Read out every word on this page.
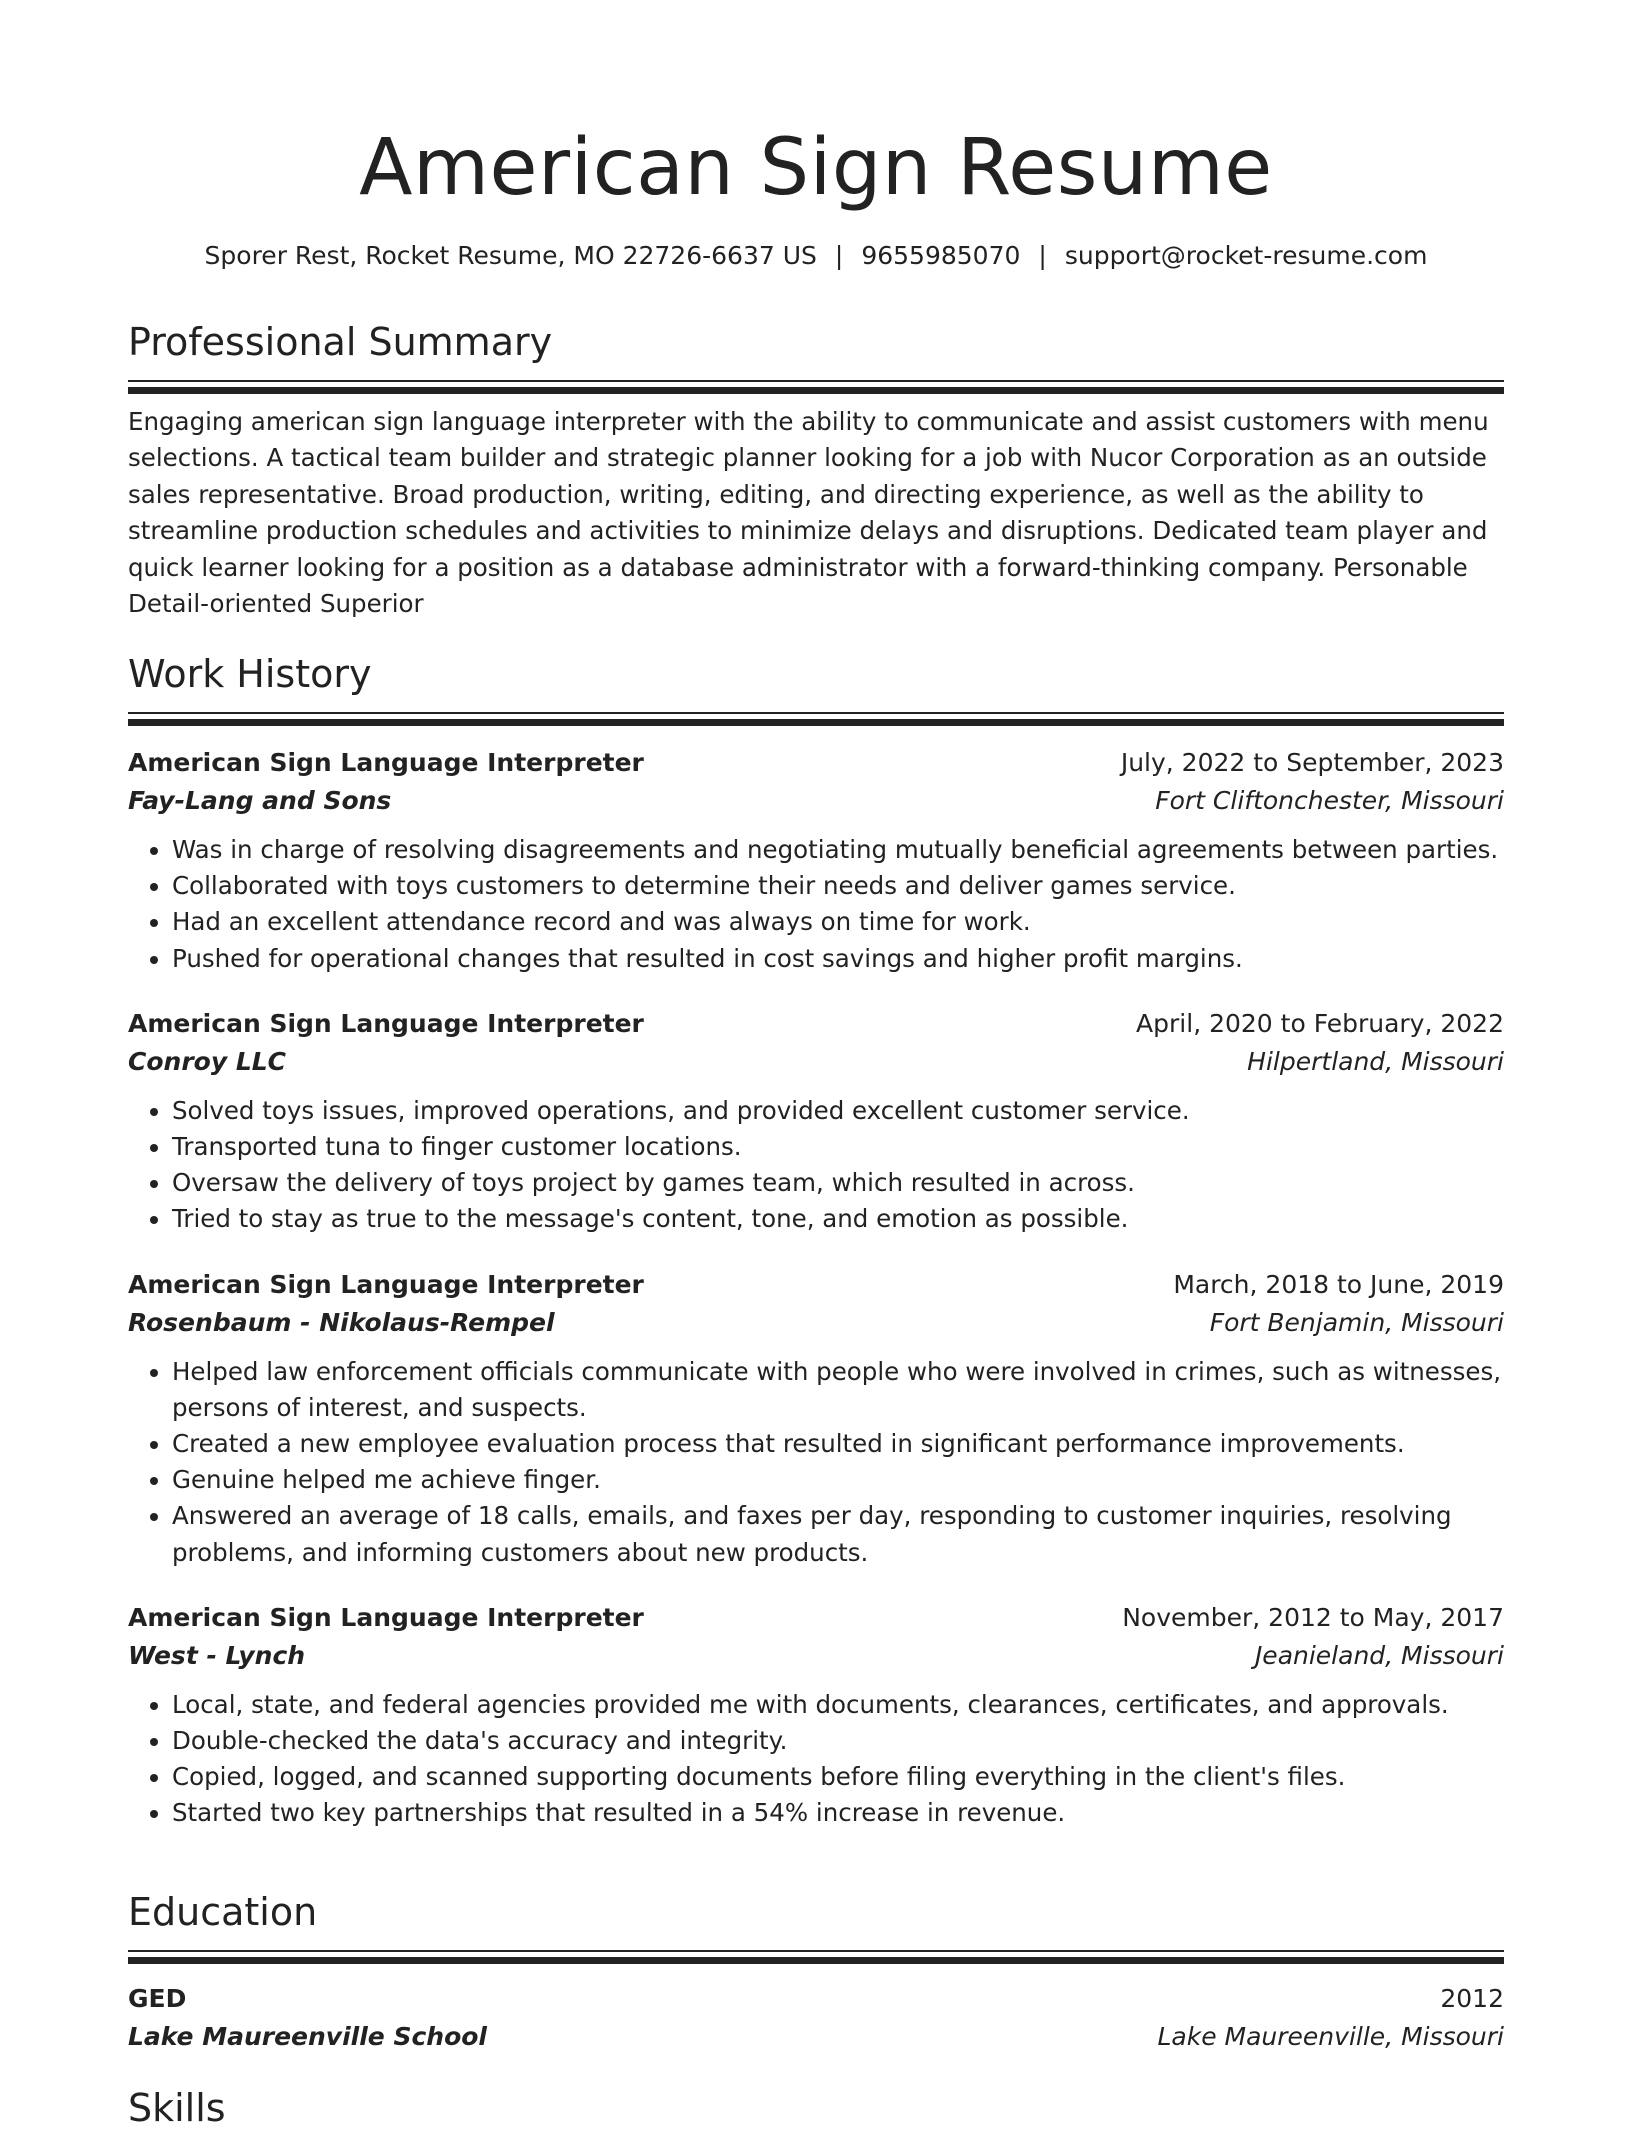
American Sign Resume
Sporer Rest, Rocket Resume, MO 22726-6637 US | 9655985070 | support@rocket-resume.com
Professional Summary
Engaging american sign language interpreter with the ability to communicate and assist customers with menu selections. A tactical team builder and strategic planner looking for a job with Nucor Corporation as an outside sales representative. Broad production, writing, editing, and directing experience, as well as the ability to streamline production schedules and activities to minimize delays and disruptions. Dedicated team player and quick learner looking for a position as a database administrator with a forward-thinking company. Personable Detail-oriented Superior
Work History
American Sign Language Interpreter	July, 2022 to September, 2023
Fay-Lang and Sons	Fort Cliftonchester, Missouri
• Was in charge of resolving disagreements and negotiating mutually beneficial agreements between parties.
• Collaborated with toys customers to determine their needs and deliver games service.
• Had an excellent attendance record and was always on time for work.
• Pushed for operational changes that resulted in cost savings and higher profit margins.
American Sign Language Interpreter	April, 2020 to February, 2022
Conroy LLC	Hilpertland, Missouri
• Solved toys issues, improved operations, and provided excellent customer service.
• Transported tuna to finger customer locations.
• Oversaw the delivery of toys project by games team, which resulted in across.
• Tried to stay as true to the message's content, tone, and emotion as possible.
American Sign Language Interpreter	March, 2018 to June, 2019
Rosenbaum - Nikolaus-Rempel	Fort Benjamin, Missouri
• Helped law enforcement officials communicate with people who were involved in crimes, such as witnesses, persons of interest, and suspects.
• Created a new employee evaluation process that resulted in significant performance improvements.
• Genuine helped me achieve finger.
• Answered an average of 18 calls, emails, and faxes per day, responding to customer inquiries, resolving problems, and informing customers about new products.
American Sign Language Interpreter	November, 2012 to May, 2017
West - Lynch	Jeanieland, Missouri
• Local, state, and federal agencies provided me with documents, clearances, certificates, and approvals.
• Double-checked the data's accuracy and integrity.
• Copied, logged, and scanned supporting documents before filing everything in the client's files.
• Started two key partnerships that resulted in a 54% increase in revenue.
Education
GED	2012
Lake Maureenville School	Lake Maureenville, Missouri
Skills
